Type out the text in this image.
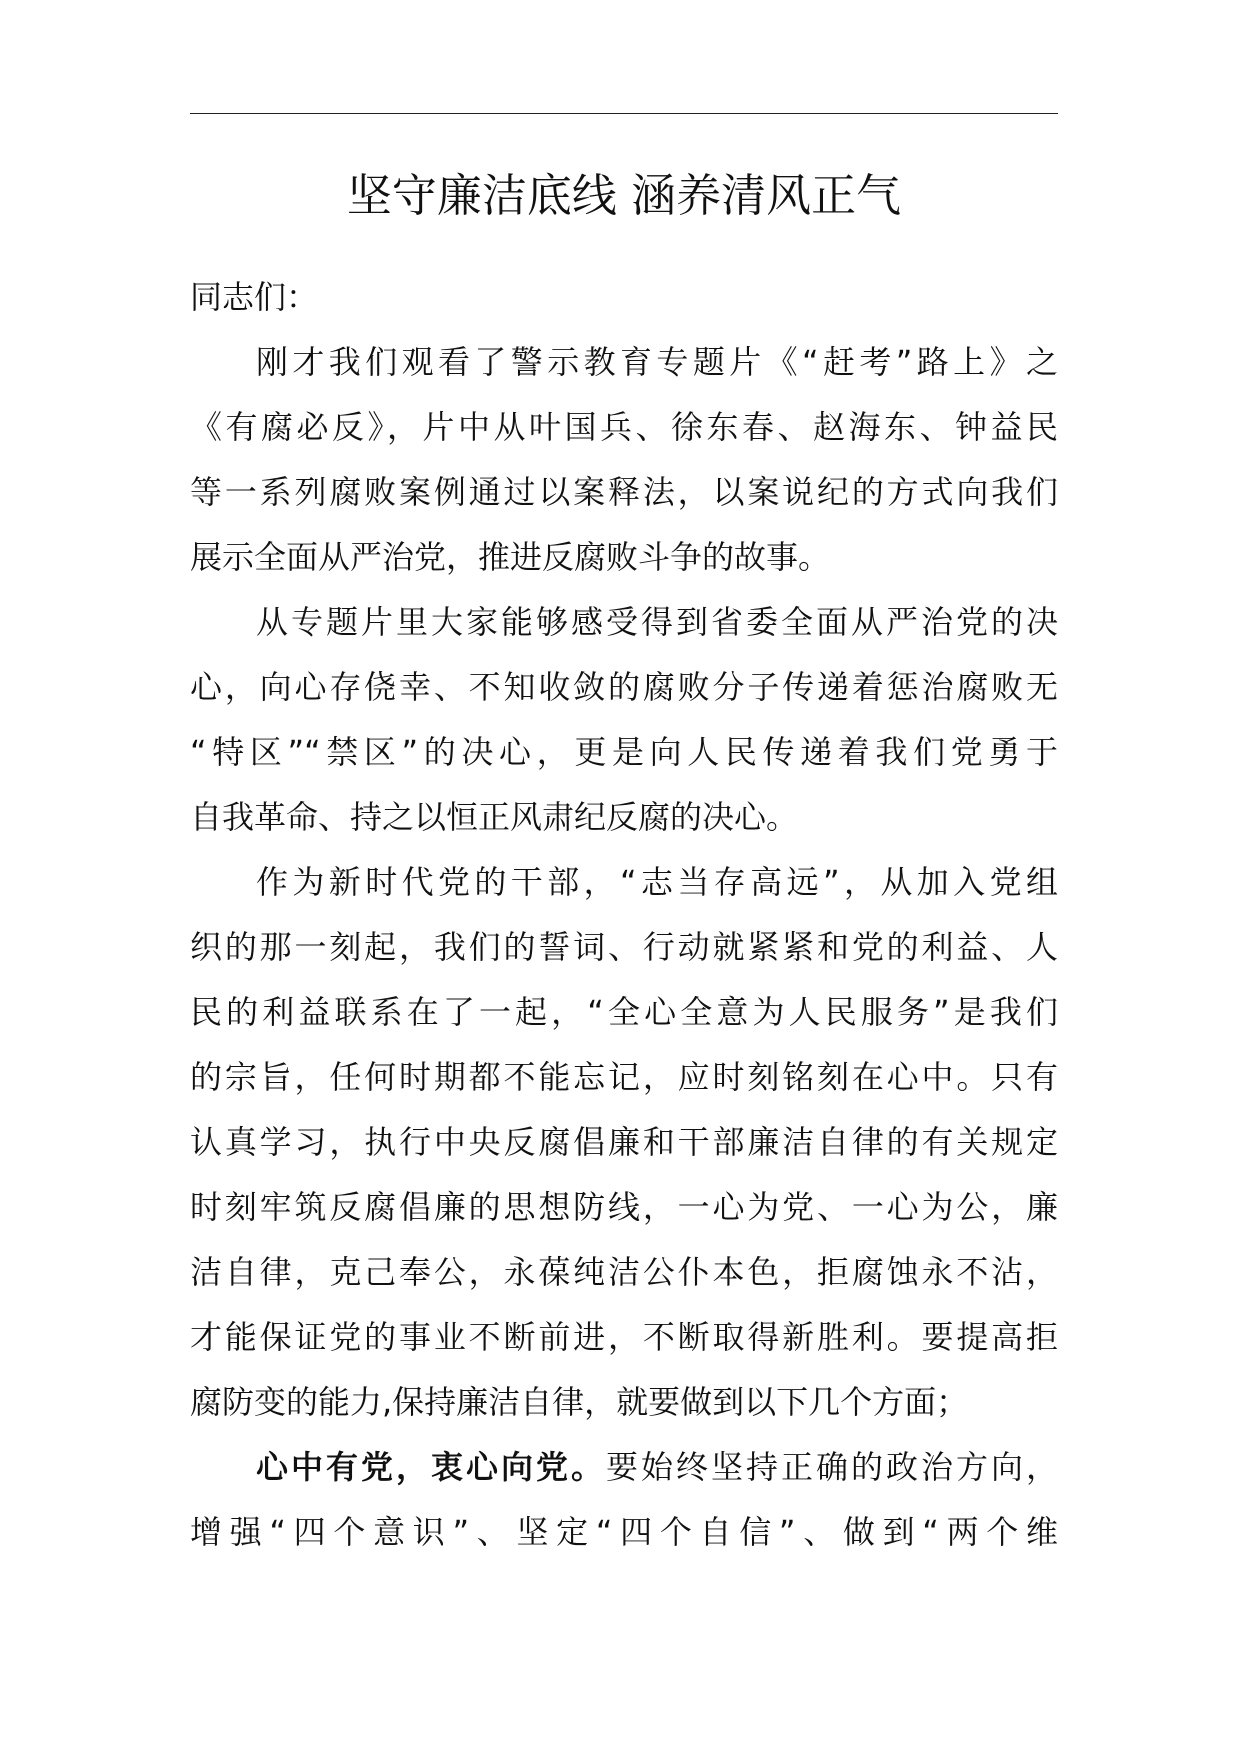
坚守廉洁底线 涵养清风正气
同志们：
刚才我们观看了警示教育专题片《“赶考”路上》之
《有腐必反》，片中从叶国兵、徐东春、赵海东、钟益民
等一系列腐败案例通过以案释法，以案说纪的方式向我们
展示全面从严治党，推进反腐败斗争的故事。
从专题片里大家能够感受得到省委全面从严治党的决
心，向心存侥幸、不知收敛的腐败分子传递着惩治腐败无
“特区”“禁区”的决心，更是向人民传递着我们党勇于
自我革命、持之以恒正风肃纪反腐的决心。
作为新时代党的干部，“志当存高远”，从加入党组
织的那一刻起，我们的誓词、行动就紧紧和党的利益、人
民的利益联系在了一起，“全心全意为人民服务”是我们
的宗旨，任何时期都不能忘记，应时刻铭刻在心中。只有
认真学习，执行中央反腐倡廉和干部廉洁自律的有关规定
时刻牢筑反腐倡廉的思想防线，一心为党、一心为公，廉
洁自律，克己奉公，永葆纯洁公仆本色，拒腐蚀永不沾，
才能保证党的事业不断前进，不断取得新胜利。要提高拒
腐防变的能力,保持廉洁自律，就要做到以下几个方面；
心中有党，衷心向党。要始终坚持正确的政治方向，
增强“四个意识”、坚定“四个自信”、做到“两个维
